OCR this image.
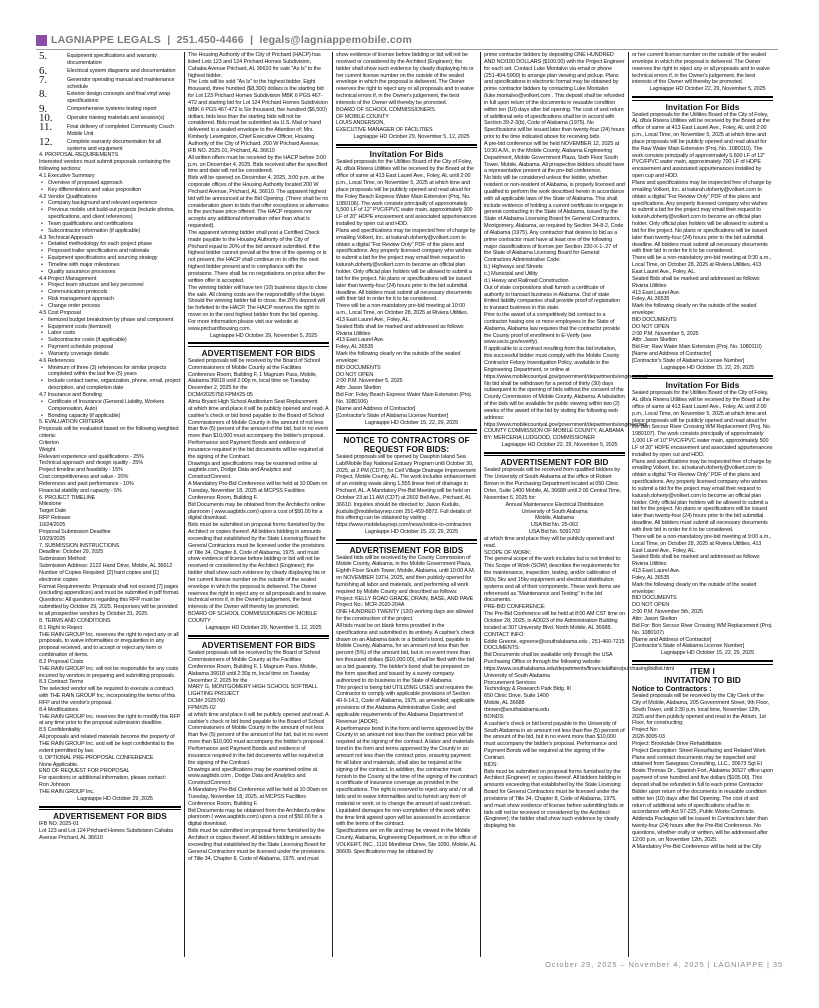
LAGNIAPPE LEGALS | 251.450-4466 | legals@lagniappemobile.com
5.	Equipment specifications and warranty documentation
6.	Electrical system diagrams and documentation
7.	Generator operating manual and maintenance schedule
8.	Exterior design concepts and final vinyl wrap specifications
9.	Comprehensive systems testing report
10.	Operator training materials and session(s)
11.	Final delivery of completed Community Couch Mobile Unit
12.	Complete warranty documentation for all systems and equipment
4. PROPOSAL REQUIREMENTS
Interested vendors must submit proposals containing the following sections:
4.1 Executive Summary
• Overview of proposed approach
• Key differentiators and value proposition
4.2 Vendor Qualifications
• Company background and relevant experience
• Previous mobile unit build-out projects (include photos, specifications, and client references)
• Team qualifications and certifications
• Subcontractor information (if applicable)
4.3 Technical Approach
• Detailed methodology for each project phase
• Proposed trailer specifications and rationale
• Equipment specifications and sourcing strategy
• Timeline with major milestones
• Quality assurance processes
4.4 Project Management
• Project team structure and key personnel
• Communication protocols
• Risk management approach
• Change order process
4.5 Cost Proposal
• Itemized budget breakdown by phase and component
• Equipment costs (itemized)
• Labor costs
• Subcontractor costs (if applicable)
• Payment schedule proposal
• Warranty coverage details
4.6 References
• Minimum of three (3) references for similar projects completed within the last five (5) years
• Include contact name, organization, phone, email, project description, and completion date
4.7 Insurance and Bonding
• Certificate of Insurance (General Liability, Workers Compensation, Auto)
• Bonding capacity (if applicable)
5. EVALUATION CRITERIA
Proposals will be evaluated based on the following weighted criteria:
Criterion
Weight
Relevant experience and qualifications - 25%
Technical approach and design quality - 25%
Project timeline and feasibility - 15%
Cost competitiveness and value - 20%
References and past performance - 10%
Financial stability and capacity - 5%
6. PROJECT TIMELINE
Milestone
Target Date
RFP Release
10/24/2025
Proposal Submission Deadline
10/29/2025
7. SUBMISSION INSTRUCTIONS
Deadline: October 29, 2025
Submission Method:
Submission Address: 2122 Hand Drive, Mobile, AL 36612
Number of Copies Required: [2] hard copies and [1] electronic copies
Format Requirements: Proposals shall not exceed [7] pages (excluding appendices) and must be submitted in pdf format.
Questions: All questions regarding this RFP must be submitted by October 29, 2025. Responses will be provided to all prospective vendors by October 31, 2025.
8. TERMS AND CONDITIONS
8.1 Right to Reject
THE RAIN GROUP Inc. reserves the right to reject any or all proposals, to waive informalities or irregularities in any proposal received, and to accept or reject any item or combination of items.
8.2 Proposal Costs
THE RAIN GROUP Inc. will not be responsible for any costs incurred by vendors in preparing and submitting proposals.
8.3 Contract Terms
The selected vendor will be required to execute a contract with THE RAIN GROUP Inc. incorporating the terms of this RFP and the vendor's proposal.
8.4 Modifications
THE RAIN GROUP Inc. reserves the right to modify this RFP at any time prior to the proposal submission deadline.
8.5 Confidentiality
All proposals and related materials become the property of THE RAIN GROUP Inc. and will be kept confidential to the extent permitted by law.
9. OPTIONAL PRE-PROPOSAL CONFERENCE
None Applicable.
END OF REQUEST FOR PROPOSAL
For questions or additional information, please contact:
Ron Johnson
THE RAIN GROUP Inc.
Lagniappe HD October 29, 2025
ADVERTISEMENT FOR BIDS
IFB NO. 2025-01
Lot 123 and Lot 124 Prichard Homes Subdivision Cahaba Avenue Prichard, AL 36610
The Housing Authority of the City of Prichard (HACP) has listed Lots 123 and 124 Prichard Homes Subdivision, Cahaba Avenue Prichard, AL 36610 for sale "As Is" to the highest bidder.
The Lots will be sold "As Is" to the highest bidder. Eight thousand, three hundred ($8,300) dollars is the starting bid for Lot 123 Prichard Homes Subdivision MBK 6 PGS 467-472 and starting bid for Lot 124 Prichard Homes Subdivision MBK 6 PGS 467-472 is Six thousand, five hundred ($6,500) dollars, bids less than the starting bids will not be considered. Bids must be submitted via U.S. Mail or hand delivered in a sealed envelope to the Attention of: Mrs. Kimberly Lewingston, Chief Executive Officer, Housing Authority of the City of Prichard, 200 W Prichard Avenue, IFB NO. 2025.01, Prichard, AL 36610
All written offers must be received by the HACP before 3:00 p.m. on December 4, 2025. Bids received after the specified time and date will not be considered.
Bids will be opened on December 4, 2025, 3:00 p.m. at the corporate offices of the Housing Authority located 200 W Prichard Avenue, Prichard, AL 36610. The apparent highest bid will be announced at the Bid Opening. (There shall be no consideration given to bids that offer exceptions or alternates to the purchase price offered. The HACP requires nor accepts any additional information other than what is requested).
The apparent winning bidder shall post a Certified Check made payable to the Housing Authority of the City of Prichard equal to 20% of the bid amount submitted. If the highest bidder cannot prevail at the time of the opening or is not present, the HACP shall continue on to offer the next highest bidder present and in compliance with the provisions. There shall be no negotiations on price after the written offer is accepted.
The winning bidder will have ten (10) business days to close the sale. All closing costs are the responsibility of the buyer. Should the winning bidder fail to close, the 20% deposit will be forfeited to the HACP. The HACP reserves the right to move on to the next highest bidder from the bid opening.
For more information please visit our website at www.prichardhousing.com.
Lagniappe HD October 29, November 5, 2025
ADVERTISEMENT FOR BIDS
Sealed proposals will be received by the Board of School Commissioners of Mobile County at the Facilities Conference Room, Building F, 1 Magnum Pass, Mobile, Alabama 36618 until 2:00p m, local time on Tuesday December 2, 2025 for the
DCM#2025758 FPM#25-05
Alma Bryant High School Auditorium Seat Replacement
at which time and place it will be publicly opened and read. A cashier's check or bid bond payable to the Board of School Commissioners of Mobile County in the amount of not less than five (5) percent of the amount of the bid, but in no event more than $10,000 must accompany the bidder's proposal. Performance and Payment Bonds and evidence of insurance required in the bid documents will be required at the signing of the Contract.
Drawings and specifications may be examined online at aagbids.com, Dodge Data and Analytics and ConstructConnect.
A Mandatory Pre-Bid Conference will be held at 10:00am on Tuesday, November 18, 2025 at MCPSS Facilities Conference Room, Building F.
Bid Documents may be obtained from the Architect's online planroom ( www.aagbids.com) upon a cost of $50.00 for a digital download.
Bids must be submitted on proposal forms furnished by the Architect or copies thereof. All bidders bidding in amounts exceeding that established by the State Licensing Board for General Contractors must be licensed under the provisions of Title 34, Chapter 8, Code of Alabama, 1975, and must show evidence of license before bidding or bid will not be received or considered by the Architect (Engineer); the bidder shall show such evidence by clearly displaying his or her current license number on the outside of the sealed envelope in which the proposal is delivered. The Owner reserves the right to reject any or all proposals and to waive technical errors if, in the Owner's judgement, the best interests of the Owner will thereby be promoted.
BOARD OF SCHOOL COMMISSIONERS OF MOBILE COUNTY
Lagniappe HD October 29, November 5, 12, 2025
ADVERTISEMENT FOR BIDS
Sealed proposals will be received by the Board of School Commissioners of Mobile County at the Facilities Conference Room, Building F, 1 Magnum Pass, Mobile, Alabama 36618 until 2:30p m, local time on Tuesday December 2, 2025 for the
MARY G. MONTGOMERY HIGH SCHOOL SOFTBALL LIGHTING PROJECT
DCM# 2025760
FPM#25-02
at which time and place it will be publicly opened and read. A cashier's check or bid bond payable to the Board of School Commissioners of Mobile County in the amount of not less than five (5) percent of the amount of the bid, but in no event more than $10,000 must accompany the bidder's proposal. Performance and Payment Bonds and evidence of insurance required in the bid documents will be required at the signing of the Contract.
Drawings and specifications may be examined online at www.aagbids.com , Dodge Data and Analytics and ConstructConnect.
A Mandatory Pre-Bid Conference will be held at 10:30am on Tuesday, November 18, 2025, at MCPSS Facilities Conference Room, Building F.
Bid Documents may be obtained from the Architect's online planroom ( www.aagbids.com) upon a cost of $50.00 for a digital download.
Bids must be submitted on proposal forms furnished by the Architect or copies thereof. All bidders bidding in amounts exceeding that established by the State Licensing Board for General Contractors must be licensed under the provisions of Title 34, Chapter 8, Code of Alabama, 1975, and must
show evidence of license before bidding or bid will not be received or considered by the Architect (Engineer); the bidder shall show such evidence by clearly displaying his or her current license number on the outside of the sealed envelope in which the proposal is delivered. The Owner reserves the right to reject any or all proposals and to waive technical errors if, in the Owner's judgement, the best interests of the Owner will thereby be promoted.
BOARD OF SCHOOL COMMISSIONERS
OF MOBILE COUNTY
LOUIS ANDERSON,
EXECUTIVE MANAGER OF FACILITIES
Lagniappe HD October 29, November 5, 12, 2025
Invitation For Bids
Sealed proposals for the Utilities Board of the City of Foley, AL d/b/a Riviera Utilities will be received by the Board at the office of same at 413 East Laurel Ave., Foley, AL until 2:00 p.m., Local Time, on November 5, 2025 at which time and place proposals will be publicly opened and read aloud for the Foley Beach Express Water Main Extension (Proj. No. 1080106). The work consists principally of approximately 5,500 LF of 12" PVC/FPVC water main, approximately 300 LF of 20" HDPE encasement and associated appurtenances installed by open cut and HDD.
Plans and specifications may be inspected free of charge by emailing Volkert, Inc. at katurah.doherty@volkert.com to obtain a digital "For Review Only" PDF of the plans and specifications. Any properly licensed company who wishes to submit a bid for the project may email their request to katurah.doherty@volkert.com to become an official plan holder. Only official plan holders will be allowed to submit a bid for the project. No plans or specifications will be issued later than twenty-four (24) hours prior to the bid submittal deadline. All bidders must submit all necessary documents with their bid in order for it to be considered.
There will be a non-mandatory pre-bid meeting at 10:00 a.m., Local Time, on October 28, 2025 at Riviera Utilities, 413 East Laurel Ave., Foley, AL.
Sealed Bids shall be marked and addressed as follows:
Riviera Utilities
413 East Laurel Ave.
Foley, AL 36535
Mark the following clearly on the outside of the sealed envelope:
BID DOCUMENTS
DO NOT OPEN
2:00 P.M. November 5, 2025
Attn: Jason Skelton
Bid For: Foley Beach Express Water Main Extension (Proj. No. 1080106)
[Name and Address of Contractor]
[Contractor's State of Alabama License Number]
Lagniappe HD October 15, 22, 29, 2025
NOTICE TO CONTRACTORS OF REQUEST FOR BIDS:
Sealed proposals will be opened by Dauphin Island Sea Lab/Mobile Bay National Estuary Program until October 30, 2025, at 2 PM (CDT), for Cell Village Drainage Improvement Project, Mobile County, AL. The work includes enhancement of an existing swale along 1,555 linear feet of drainage in Prichard, AL. A Mandatory Pre-Bid Meeting will be held on October 23 at 11 AM (CDT) at 2602 Bell Ave., Prichard, AL 36610. Inquiries should be directed to: Jason Kudulis, jkudulis@mobilebaynep.com 251-459-8872. Full details of this offering can be obtained by visiting https://www.mobilebaynep.com/news/notice-to-contractors
Lagniappe HD October 15, 22, 29, 2025
ADVERTISEMENT FOR BIDS
Sealed bids will be received by the County Commission of Mobile County, Alabama, in the Mobile Government Plaza, Eighth Floor South Tower, Mobile, Alabama, until 10:00 A.M. on NOVEMBER 19TH, 2025, and then publicly opened for furnishing all labor and materials, and performing all work required by Mobile County and described as follows:
Project: KELLY ROAD GRADE, DRAIN, BASE, AND PAVE
Project No.: MCR-2020-204A
ONE HUNDRED TWENTY (120) working days are allowed for the construction of the project.
All bids must be on blank forms provided in the specifications and submitted in its entirety. A cashier's check drawn on an Alabama bank or a bidder's bond, payable to Mobile County, Alabama, for an amount not less than five percent (5%) of the amount bid, but in no event more than ten thousand dollars ($10,000.00), shall be filed with the bid as a bid guaranty. The bidder's bond shall be prepared on the form specified and issued by a surety company authorized to do business in the State of Alabama.
This project is being bid UTILIZING USES and requires the Contractor to comply with applicable provisions of Section 40-9-14.1, Code of Alabama, 1975, as amended; applicable provisions of the Alabama Administrative Code; and applicable requirements of the Alabama Department of Revenue (ADOR).
A performance bond in the form and terms approved by the County in an amount not less than the contract price will be required at the signing of the contract. A labor and materials bond in the form and terms approved by the County in an amount not less than the contract price, ensuring payment for all labor and materials, shall also be required at the signing of the contract. In addition, the contractor must furnish to the County at the time of the signing of the contract a certificate of insurance coverage as provided in the specifications. The right is reserved to reject any and / or all bids and to waive informalities and to furnish any item of material or work; or to change the amount of said contract. Liquidated damages for non-completion of the work within the time limit agreed upon will be assessed in accordance with the terms of the contract.
Specifications are on file and may be viewed in the Mobile County, Alabama, Engineering Department, or in the office of VOLKERT, INC., 1110 Montlimar Drive, Ste 1050, Mobile, AL 36609. Specifications may be obtained by
prime contractor bidders by depositing ONE HUNDRED AND NO/100 DOLLARS ($100.00) with the Project Engineer for each set. Contact Luke Montalvo via email or phone (251-404-5900) to arrange plan viewing and pickup. Plans and specifications in electronic format may be obtained by prime contractor bidders by contacting Luke Montalvo (luke.montalvo@volkert.com . This deposit shall be refunded in full upon return of the documents in reusable condition within ten (10) days after bid opening. The cost of and return of additional sets of specifications shall be in accord with Section 39-2-3(b), Code of Alabama (1975). No Specifications will be issued later than twenty-four (24) hours prior to the time indicated above for receiving bids.
A pre-bid conference will be held NOVEMBER 12, 2025 at 10:30 A.M., in the Mobile County, Alabama Engineering Department, Mobile Government Plaza, Sixth Floor South Tower, Mobile, Alabama. All prospective bidders should have a representative present at the pre-bid conference.
No bids will be considered unless the bidder, whether resident or non-resident of Alabama, is properly licensed and qualified to perform the work described herein in accordance with all applicable laws of the State of Alabama. This shall include evidence of holding a current certificate to engage in general contracting in the State of Alabama, issued by the State of Alabama Licensing Board for General Contractors, Montgomery, Alabama, as required by Section 34-8-2, Code of Alabama (1975). Any contractor that desires to bid as a prime contractor must have at least one of the following major classifications of license per Section 230-X-1-.27 of the State of Alabama Licensing Board for General Contractors Administrative Code:
b.) Highways and Streets
c.) Municipal and Utility
d.) Heavy and Railroad Construction
Out of state corporations shall furnish a certificate of authority to transact business in Alabama. Out of state limited liability companies shall provide proof of registration to transact business in this state.
Prior to the award of a competitively bid contract to a contractor having one or more employees in the State of Alabama, Alabama law requires that the contractor provide the County proof of enrollment in E-Verify (see www.uscis.gov/everify).
If applicable to a contract resulting from this bid invitation, this successful bidder must comply with the Mobile County Contractor Felony Investigation Policy, available in the Engineering Department, or online at https://www.mobilecountyal.gov/government/departments/engineering/
No bid shall be withdrawn for a period of thirty (30) days subsequent to the opening of bids without the consent of the County Commission of Mobile County, Alabama. A tabulation of the bids will be available for public viewing within two (2) weeks of the award of the bid by visiting the following web address: https://www.mobilecountyal.gov/government/departments/engineering/
COUNTY COMMISSION OF MOBILE COUNTY, ALABAMA
BY: MERCERIA LUDGOOD, COMMISSIONER
Lagniappe HD October 22, 29, November 5, 2025
ADVERTISEMENT FOR BID
Sealed proposals will be received from qualified bidders by The University of South Alabama at the office of Robert Brown in the Purchasing Department located at 650 Clinic Drive, Suite 1400 Mobile, AL 36688 until 2:00 Central Time, November 6, 2025 for:
Annual Maintenance Electrical Distribution
University of South Alabama
Mobile, Alabama
USA Bid No. 25-062
USA Bid No. 5091702
at which time and place they will be publicly opened and read.
SCOPE OF WORK:
The general scope of the work includes but is not limited to: This Scope of Work (SOW) describes the requirements for the maintenance, inspection, testing, and/or calibration of 600v, 5kv and 15kv equipment and electrical distribution systems and all of their components. These work items are referenced as "Maintenance and Testing" in the bid documents.
PRE-BID CONFERENCE:
The Pre-Bid Conference will be held at 8:00 AM CST time on October 28, 2025, in AD023 of the Administration Building located at 307 University Blvd. North Mobile, AL 36688.
CONTACT INFO:
Eddie Greene, egreene@southalabama.edu , 251-460-7215
DOCUMENTS:
Bid Documents shall be available only through the USA Purchasing Office or through the following website: https://www.southalabama.edu/departments/financialaffairs/purchasing/bidlist.html
University of South Alabama
Procurement Services
Technology & Research Park Bldg. III
650 Clinic Drive, Suite 1400
Mobile, AL 36688
rbrown@southalabama.edu
BONDS:
A cashier's check or bid bond payable to the University of South Alabama in an amount not less than five (5) percent of the amount of the bid, but in no event more than $10,000 must accompany the bidder's proposal. Performance and Payment Bonds will be required at the signing of the Contract.
BIDS:
Bids must be submitted on proposal forms furnished by the Architect (Engineer) or copies thereof. All bidders bidding in amounts exceeding that established by the State Licensing Board for General Contractors must be licensed under the provisions of Title 34, Chapter 8, Code of Alabama, 1975, and must show evidence of license before submitting bids or bids will not be received or considered by the Architect (Engineer); the bidder shall show such evidence by clearly displaying his
or her current license number on the outside of the sealed envelope in which the proposal is delivered. The Owner reserves the right to reject any or all proposals and to waive technical errors if, in the Owner's judgement, the best interests of the Owner will thereby be promoted.
Lagniappe HD October 22, 29, November 5, 2025
Invitation For Bids
Sealed proposals for the Utilities Board of the City of Foley, AL d/b/a Riviera Utilities will be received by the Board at the office of same at 413 East Laurel Ave., Foley, AL until 2:00 p.m., Local Time, on November 5, 2025 at which time and place proposals will be publicly opened and read aloud for the Raw Water Main Extension (Proj. No. 1080110). The work consists principally of approximately 5,600 LF of 12" PVC/FPVC water main, approximately 700 LF of HDPE encasement and associated appurtenances installed by open cup and HDD.
Plans and specifications may be inspected free of charge by emailing Volkert, Inc. at katurah.doherty@volkert.com to obtain a digital "For Review Only" PDF of the plans and specifications. Any properly licensed company who wishes to submit a bid for the project may email their request to katurah.doherty@volkert.com to become an official plan holder. Only official plan holders will be allowed to submit a bid for the project. No plans or specifications will be issued later than twenty-four (24) hours prior to the bid submittal deadline. All bidders must submit all necessary documents with their bid in order for it to be considered.
There will be a non-mandatory pre-bid meeting at 9:30 a.m., Local Time, on October 28, 2025 at Riviera Utilities, 413 East Laurel Ave., Foley, AL.
Sealed Bids shall be marked and addressed as follows:
Riviera Utilities
413 East Laurel Ave.
Foley, AL 36535
Mark the following clearly on the outside of the sealed envelope:
BID DOCUMENTS
DO NOT OPEN
2:00 P.M. November 5, 2025
Attn: Jason Skelton
Bid For: Raw Water Main Extension (Proj. No. 1080110)
[Name and Address of Contractor]
[Contractor's State of Alabama License Number]
Lagniappe HD October 15, 22, 29, 2025
Invitation For Bids
Sealed proposals for the Utilities Board of the City of Foley, AL d/b/a Riviera Utilities will be received by the Board at the office of same at 413 East Laurel Ave., Foley, AL until 2:00 p.m., Local Time, on November 5, 2025 at which time and place proposals will be publicly opened and read aloud for the Bon Secour River Crossing WM Replacement (Proj. No. 1080107). The work consists principally of approximately 1,000 LF of 10" PVC/FPVC water main, approximately 500 LF of 20" HDPE encasement and associated appurtenances installed by open cut and HDD.
Plans and specifications may be inspected free of charge by emailing Volkert, Inc. at katurah.doherty@volkert.com to obtain a digital "For Review Only" PDF of the plans and specifications. Any properly licensed company who wishes to submit a bid for the project may email their request to katurah.doherty@volkert.com to become an official plan holder. Only official plan holders will be allowed to submit a bid for the project. No plans or specifications will be issued later than twenty-four (24) hours prior to the bid submittal deadline. All bidders must submit all necessary documents with their bid in order for it to be considered.
There will be a non-mandatory pre-bid meeting at 9:00 a.m., Local Time, on October 28, 2025 at Riviera Utilities, 413 East Laurel Ave., Foley, AL.
Sealed Bids shall be marked and addressed as follows:
Riviera Utilities
413 East Laurel Ave.
Foley, AL 36535
Mark the following clearly on the outside of the sealed envelope:
BID DOCUMENTS
DO NOT OPEN
2:00 P.M. November 5th, 2025
Attn: Jason Skelton
Bid For: Bon Secour River Crossing WM Replacement (Proj. No. 1080107)
[Name and Address of Contractor]
[Contractor's State of Alabama License Number]
Lagniappe HD October 15, 22, 29, 2025
ITEM I
INVITATION TO BID
Notice to Contractors :
Sealed proposals will be received by the City Clerk of the City of Mobile, Alabama, 205 Government Street, 9th Floor, South Tower, until 2:30 p.m. local time, November 12th, 2025 and then publicly opened and read in the Atrium, 1st Floor, for constructing:
Project No:
2028-3005-03
Project: Brookdale Drive Rehabilitation
Project Description: Street Resurfacing and Related Work
Plans and contract documents may be inspected and obtained from Sawgrass Consulting, LLC., 30673 Sgt El Boats Thomas Dr., Spanish Fort, Alabama 36527 office upon payment of one hundred and five dollars ($105.00). This deposit shall be refunded in full to each prime Contractor Bidder upon return of the documents in reusable condition within ten (10) days after Bid Opening. The cost of and return of additional sets of specifications shall be in accordance with Act 97-225, Public Works Contracts.
Addenda Packages will be issued to Contractors later than twenty-four (24) hours after the Pre-Bid Conference. No questions, whether orally or written, will be addressed after 12:00 p.m. on November 12th, 2025.
A Mandatory Pre-Bid Conference will be held at the City
October 29, 2025 – November 4, 2025 | LAGNIAPPE | 35
